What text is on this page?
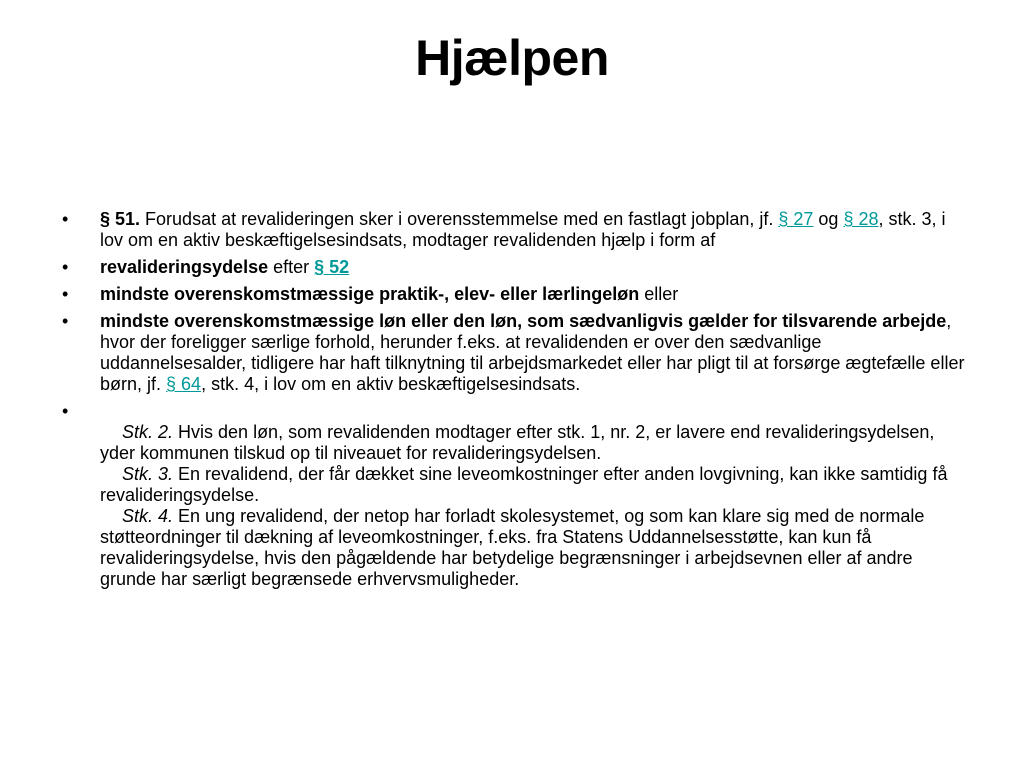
Hjælpen
• § 51. Forudsat at revalideringen sker i overensstemmelse med en fastlagt jobplan, jf. § 27 og § 28, stk. 3, i lov om en aktiv beskæftigelsesindsats, modtager revalidenden hjælp i form af
• revalideringsydelse efter § 52
• mindste overenskomstmæssige praktik-, elev- eller lærlingeløn eller
• mindste overenskomstmæssige løn eller den løn, som sædvanligvis gælder for tilsvarende arbejde, hvor der foreligger særlige forhold, herunder f.eks. at revalidenden er over den sædvanlige uddannelsesalder, tidligere har haft tilknytning til arbejdsmarkedet eller har pligt til at forsørge ægtefælle eller børn, jf. § 64, stk. 4, i lov om en aktiv beskæftigelsesindsats.
•
Stk. 2. Hvis den løn, som revalidenden modtager efter stk. 1, nr. 2, er lavere end revalideringsydelsen, yder kommunen tilskud op til niveauet for revalideringsydelsen.
Stk. 3. En revalidend, der får dækket sine leveomkostninger efter anden lovgivning, kan ikke samtidig få revalideringsydelse.
Stk. 4. En ung revalidend, der netop har forladt skolesystemet, og som kan klare sig med de normale støtteordninger til dækning af leveomkostninger, f.eks. fra Statens Uddannelsesstøtte, kan kun få revalideringsydelse, hvis den pågældende har betydelige begrænsninger i arbejdsevnen eller af andre grunde har særligt begrænsede erhvervsmuligheder.
